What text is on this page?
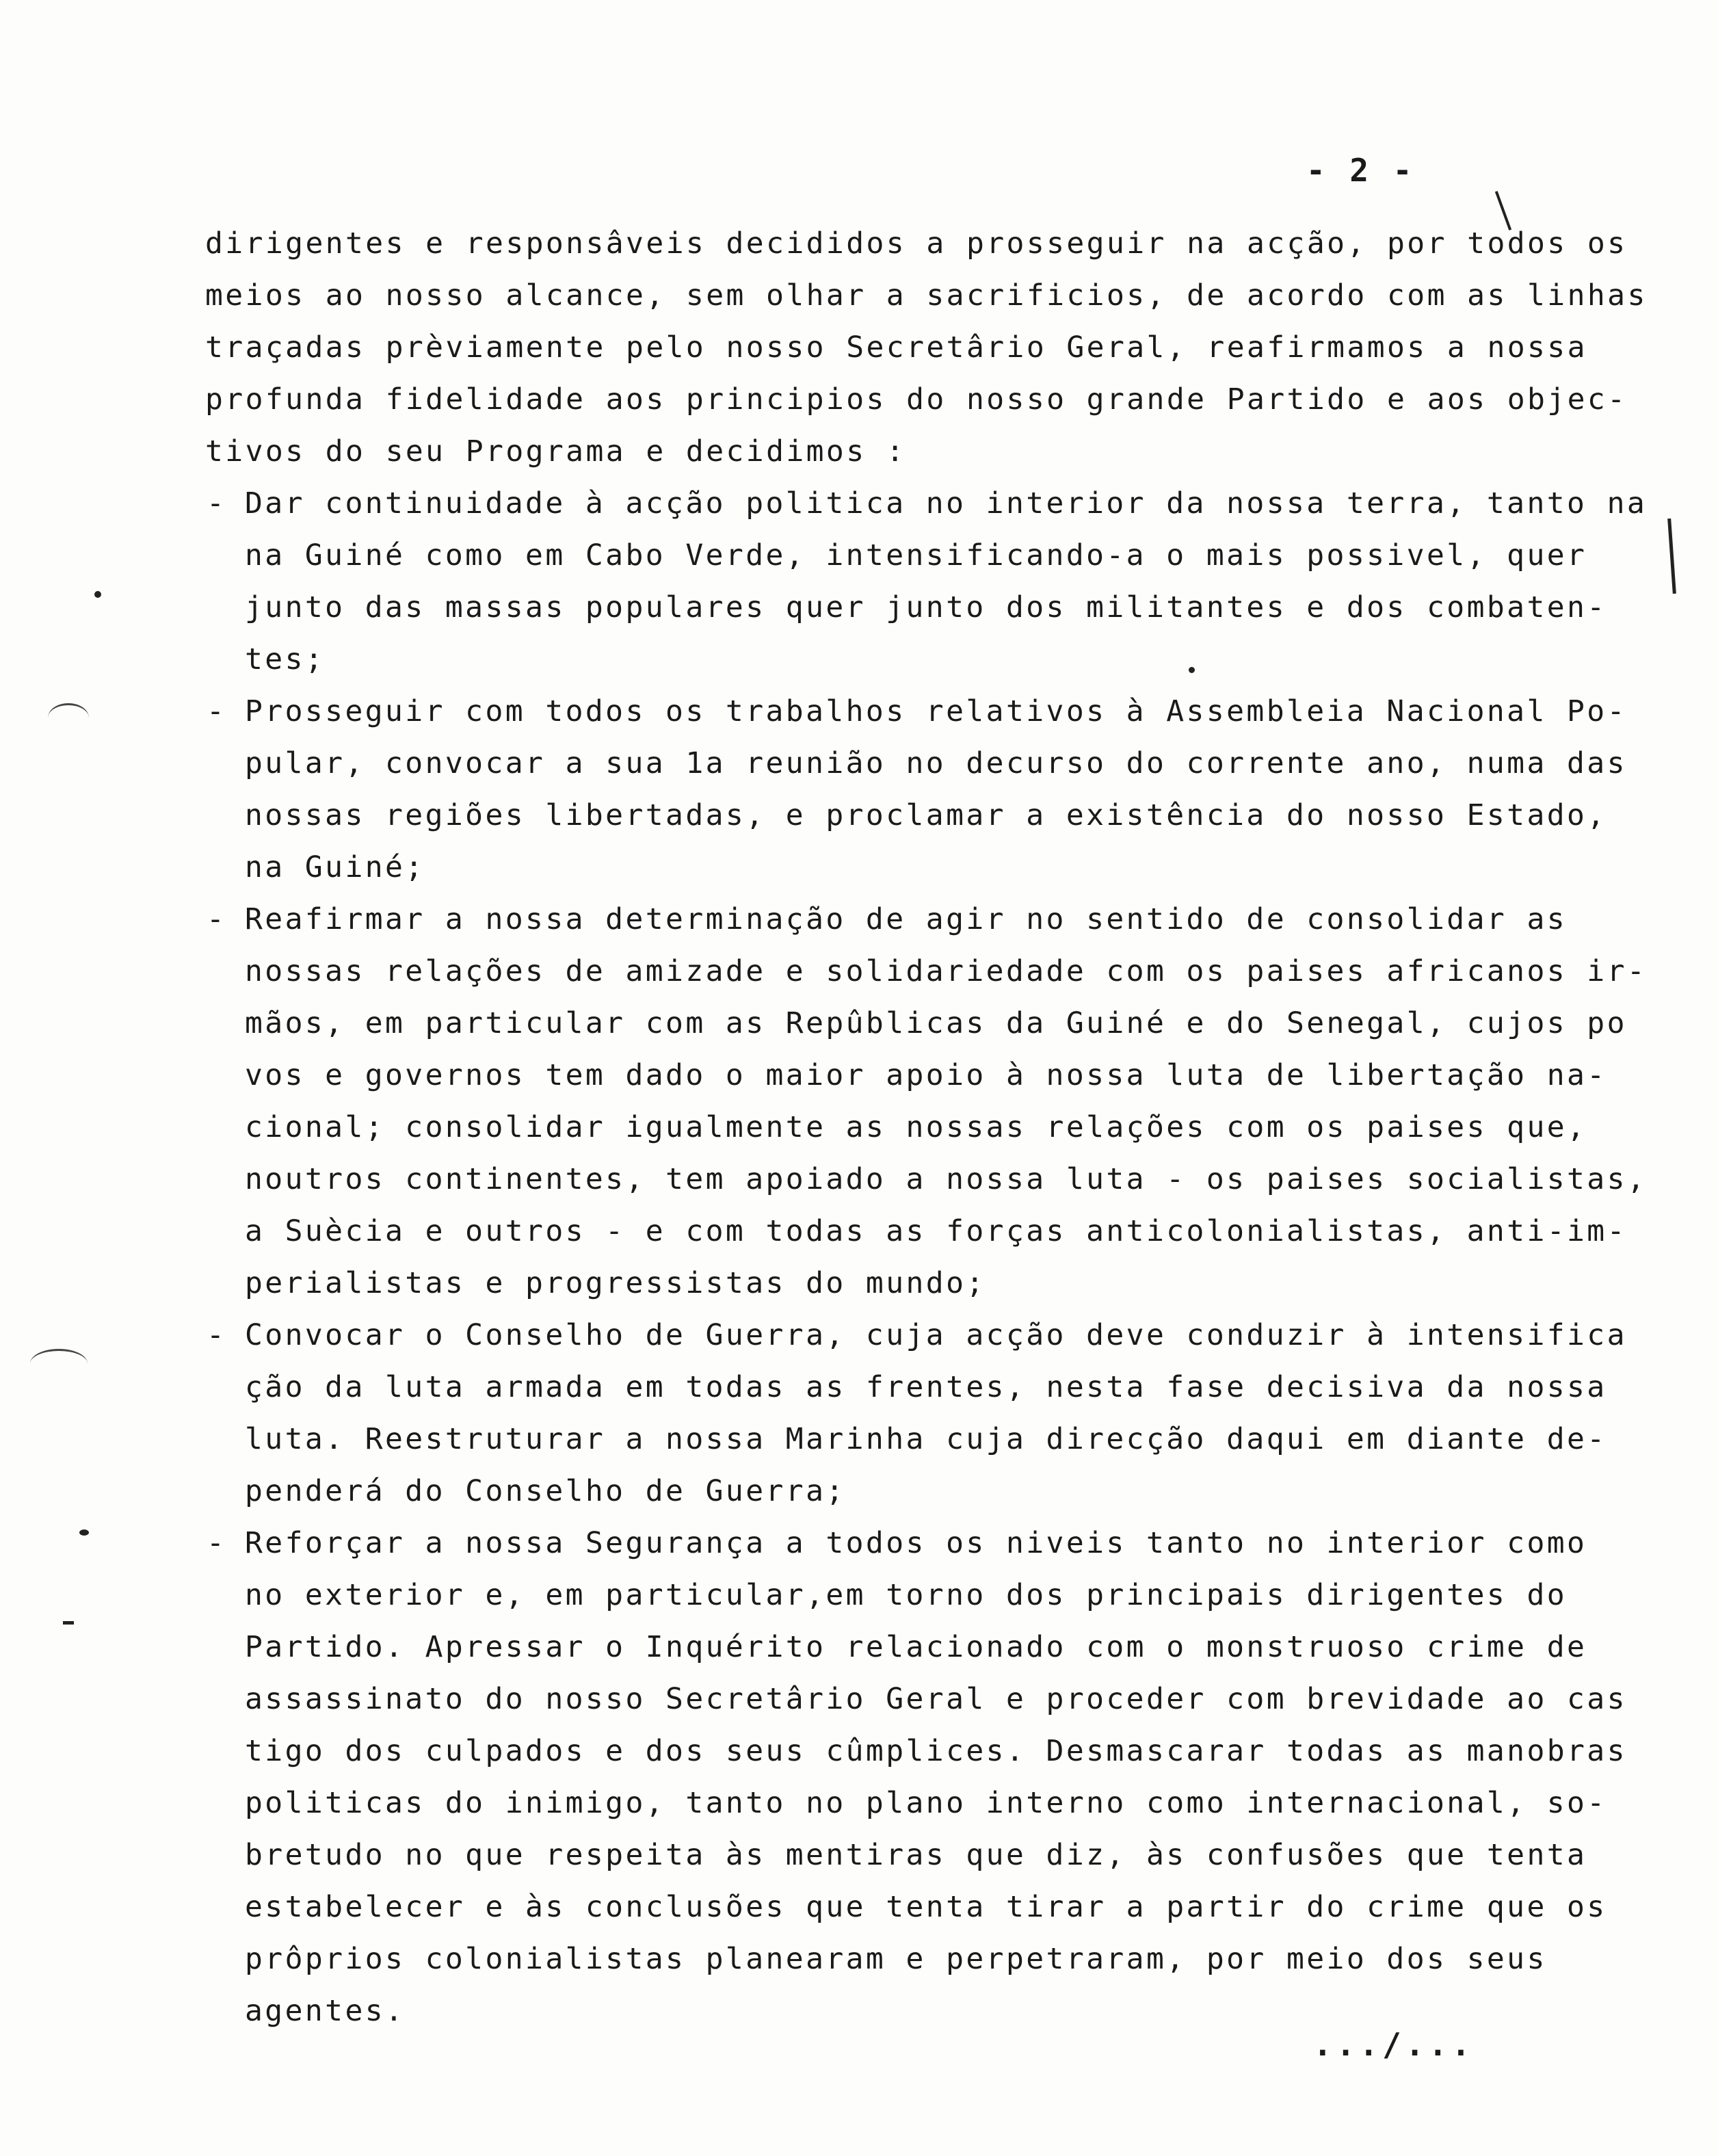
- 2 -
dirigentes e responsâveis decididos a prosseguir na acção, por todos os
meios ao nosso alcance, sem olhar a sacrificios, de acordo com as linhas
traçadas prèviamente pelo nosso Secretârio Geral, reafirmamos a nossa
profunda fidelidade aos principios do nosso grande Partido e aos objec-
tivos do seu Programa e decidimos :
- Dar continuidade à acção politica no interior da nossa terra, tanto na
na Guiné como em Cabo Verde, intensificando-a o mais possivel, quer
junto das massas populares quer junto dos militantes e dos combaten-
tes;
- Prosseguir com todos os trabalhos relativos à Assembleia Nacional Po-
pular, convocar a sua 1a reunião no decurso do corrente ano, numa das
nossas regiões libertadas, e proclamar a existência do nosso Estado,
na Guiné;
- Reafirmar a nossa determinação de agir no sentido de consolidar as
nossas relações de amizade e solidariedade com os paises africanos ir-
mãos, em particular com as Repûblicas da Guiné e do Senegal, cujos po
vos e governos tem dado o maior apoio à nossa luta de libertação na-
cional; consolidar igualmente as nossas relações com os paises que,
noutros continentes, tem apoiado a nossa luta - os paises socialistas,
a Suècia e outros - e com todas as forças anticolonialistas, anti-im-
perialistas e progressistas do mundo;
- Convocar o Conselho de Guerra, cuja acção deve conduzir à intensifica
ção da luta armada em todas as frentes, nesta fase decisiva da nossa
luta. Reestruturar a nossa Marinha cuja direcção daqui em diante de-
penderá do Conselho de Guerra;
- Reforçar a nossa Segurança a todos os niveis tanto no interior como
no exterior e, em particular,em torno dos principais dirigentes do
Partido. Apressar o Inquérito relacionado com o monstruoso crime de
assassinato do nosso Secretârio Geral e proceder com brevidade ao cas
tigo dos culpados e dos seus cûmplices. Desmascarar todas as manobras
politicas do inimigo, tanto no plano interno como internacional, so-
bretudo no que respeita às mentiras que diz, às confusões que tenta
estabelecer e às conclusões que tenta tirar a partir do crime que os
prôprios colonialistas planearam e perpetraram, por meio dos seus
agentes.
.../...
